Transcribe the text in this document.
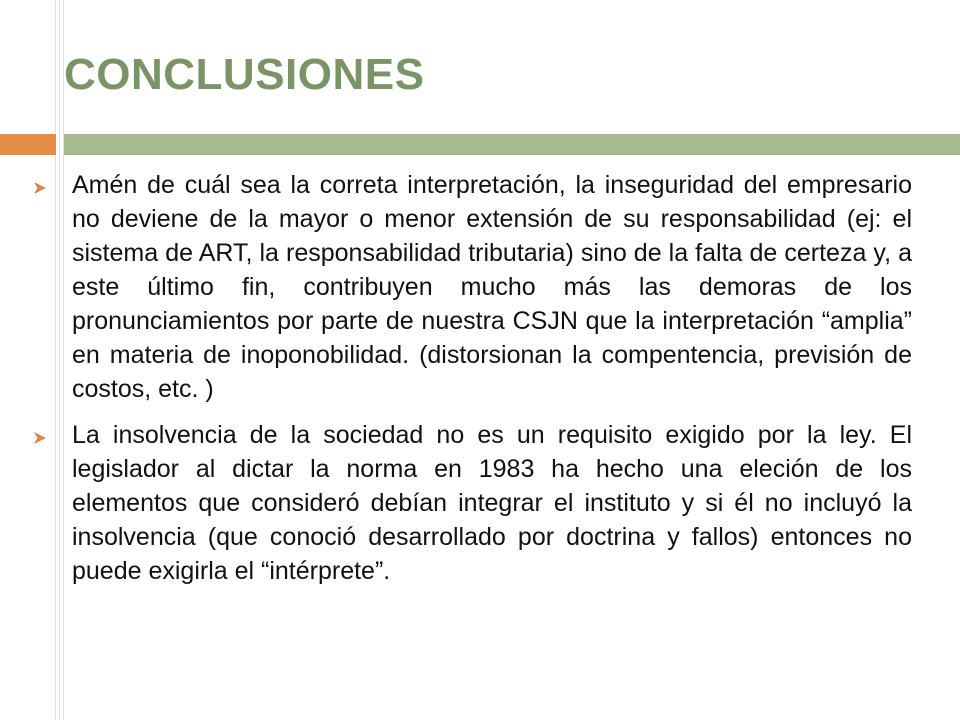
CONCLUSIONES
Amén de cuál sea la correta interpretación, la inseguridad del empresario no deviene de la mayor o menor extensión de su responsabilidad (ej: el sistema de ART, la responsabilidad tributaria) sino de la falta de certeza y, a este último fin, contribuyen mucho más las demoras de los pronunciamientos por parte de nuestra CSJN que la interpretación “amplia” en materia de inoponobilidad. (distorsionan la compentencia, previsión de costos, etc. )
La insolvencia de la sociedad no es un requisito exigido por la ley. El legislador al dictar la norma en 1983 ha hecho una eleción de los elementos que consideró debían integrar el instituto y si él no incluyó la insolvencia (que conoció desarrollado por doctrina y fallos) entonces no puede exigirla el “intérprete”.
